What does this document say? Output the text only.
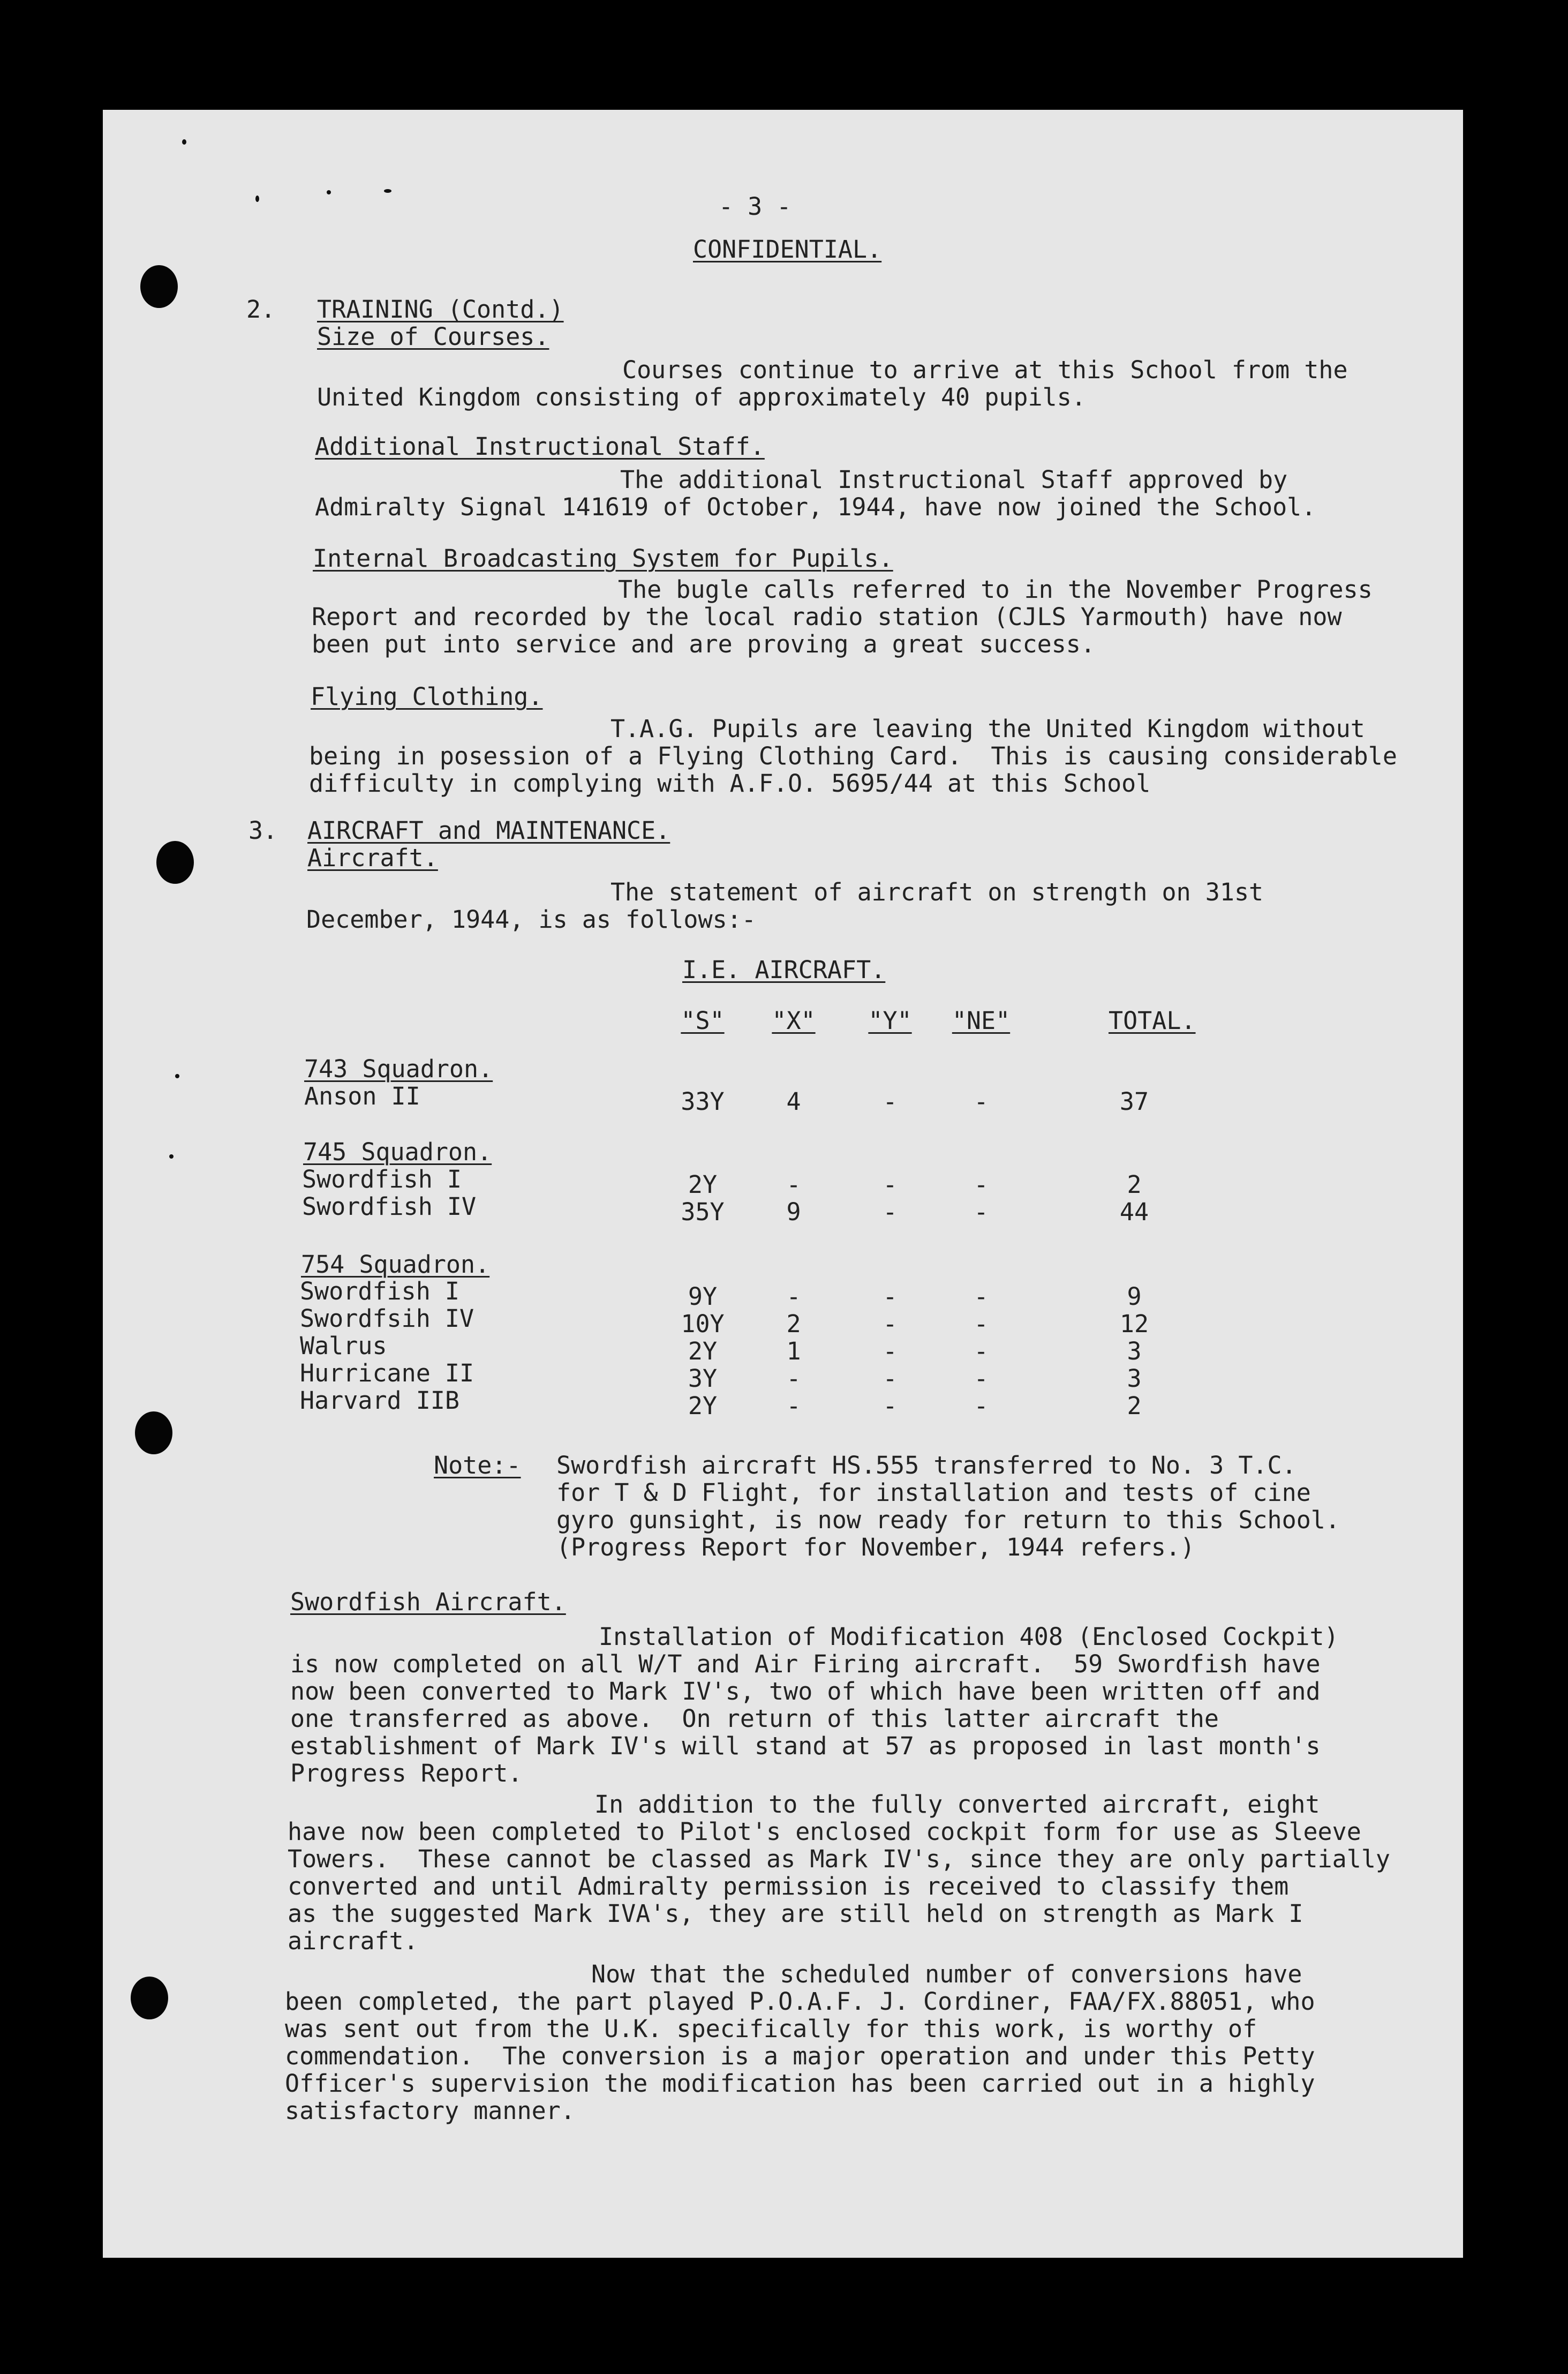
- 3 -
CONFIDENTIAL.
2. TRAINING (Contd.)
Size of Courses.
Courses continue to arrive at this School from the
United Kingdom consisting of approximately 40 pupils.
Additional Instructional Staff.
The additional Instructional Staff approved by
Admiralty Signal 141619 of October, 1944, have now joined the School.
Internal Broadcasting System for Pupils.
The bugle calls referred to in the November Progress
Report and recorded by the local radio station (CJLS Yarmouth) have now
been put into service and are proving a great success.
Flying Clothing.
T.A.G. Pupils are leaving the United Kingdom without
being in posession of a Flying Clothing Card.  This is causing considerable
difficulty in complying with A.F.O. 5695/44 at this School
3. AIRCRAFT and MAINTENANCE.
Aircraft.
The statement of aircraft on strength on 31st
December, 1944, is as follows:-
I.E. AIRCRAFT.
"S"	"X"	"Y"	"NE"	TOTAL.
743 Squadron.
Anson II	33Y	4	-	-	37
745 Squadron.
Swordfish I	2Y	-	-	-	2
Swordfish IV	35Y	9	-	-	44
754 Squadron.
Swordfish I	9Y	-	-	-	9
Swordfsih IV	10Y	2	-	-	12
Walrus	2Y	1	-	-	3
Hurricane II	3Y	-	-	-	3
Harvard IIB	2Y	-	-	-	2
Note:- Swordfish aircraft HS.555 transferred to No. 3 T.C.
for T & D Flight, for installation and tests of cine
gyro gunsight, is now ready for return to this School.
(Progress Report for November, 1944 refers.)
Swordfish Aircraft.
Installation of Modification 408 (Enclosed Cockpit)
is now completed on all W/T and Air Firing aircraft.  59 Swordfish have
now been converted to Mark IV's, two of which have been written off and
one transferred as above.  On return of this latter aircraft the
establishment of Mark IV's will stand at 57 as proposed in last month's
Progress Report.
In addition to the fully converted aircraft, eight
have now been completed to Pilot's enclosed cockpit form for use as Sleeve
Towers.  These cannot be classed as Mark IV's, since they are only partially
converted and until Admiralty permission is received to classify them
as the suggested Mark IVA's, they are still held on strength as Mark I
aircraft.
Now that the scheduled number of conversions have
been completed, the part played P.O.A.F. J. Cordiner, FAA/FX.88051, who
was sent out from the U.K. specifically for this work, is worthy of
commendation.  The conversion is a major operation and under this Petty
Officer's supervision the modification has been carried out in a highly
satisfactory manner.
